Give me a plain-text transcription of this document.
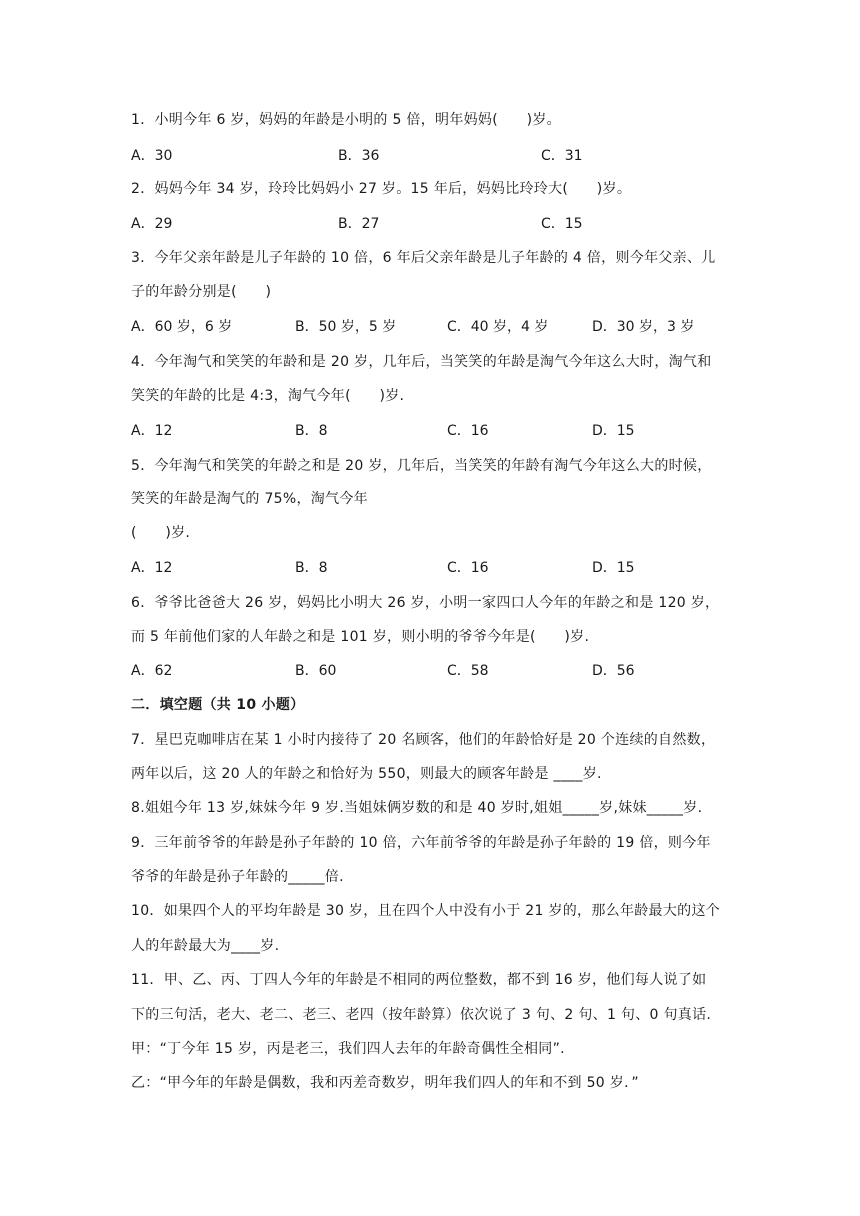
1．小明今年 6 岁，妈妈的年龄是小明的 5 倍，明年妈妈(　　)岁。
A．30	B．36	C．31
2．妈妈今年 34 岁，玲玲比妈妈小 27 岁。15 年后，妈妈比玲玲大(　　)岁。
A．29	B．27	C．15
3．今年父亲年龄是儿子年龄的 10 倍，6 年后父亲年龄是儿子年龄的 4 倍，则今年父亲、儿
子的年龄分别是(　　)
A．60 岁，6 岁	B．50 岁，5 岁	C．40 岁，4 岁	D．30 岁，3 岁
4．今年淘气和笑笑的年龄和是 20 岁，几年后，当笑笑的年龄是淘气今年这么大时，淘气和
笑笑的年龄的比是 4:3，淘气今年(　　)岁.
A．12	B．8	C．16	D．15
5．今年淘气和笑笑的年龄之和是 20 岁，几年后，当笑笑的年龄有淘气今年这么大的时候，
笑笑的年龄是淘气的 75%，淘气今年
(　　)岁.
A．12	B．8	C．16	D．15
6．爷爷比爸爸大 26 岁，妈妈比小明大 26 岁，小明一家四口人今年的年龄之和是 120 岁，
而 5 年前他们家的人年龄之和是 101 岁，则小明的爷爷今年是(　　)岁.
A．62	B．60	C．58	D．56
二．填空题（共 10 小题）
7．星巴克咖啡店在某 1 小时内接待了 20 名顾客，他们的年龄恰好是 20 个连续的自然数，
两年以后，这 20 人的年龄之和恰好为 550，则最大的顾客年龄是 ____岁.
8.姐姐今年 13 岁,妹妹今年 9 岁.当姐妹俩岁数的和是 40 岁时,姐姐_____岁,妹妹_____岁.
9．三年前爷爷的年龄是孙子年龄的 10 倍，六年前爷爷的年龄是孙子年龄的 19 倍，则今年
爷爷的年龄是孙子年龄的_____倍.
10．如果四个人的平均年龄是 30 岁，且在四个人中没有小于 21 岁的，那么年龄最大的这个
人的年龄最大为____岁.
11．甲、乙、丙、丁四人今年的年龄是不相同的两位整数，都不到 16 岁，他们每人说了如
下的三句活，老大、老二、老三、老四（按年龄算）依次说了 3 句、2 句、1 句、0 句真话.
甲：“丁今年 15 岁，丙是老三，我们四人去年的年龄奇偶性全相同”.
乙：“甲今年的年龄是偶数，我和丙差奇数岁，明年我们四人的年和不到 50 岁．”
